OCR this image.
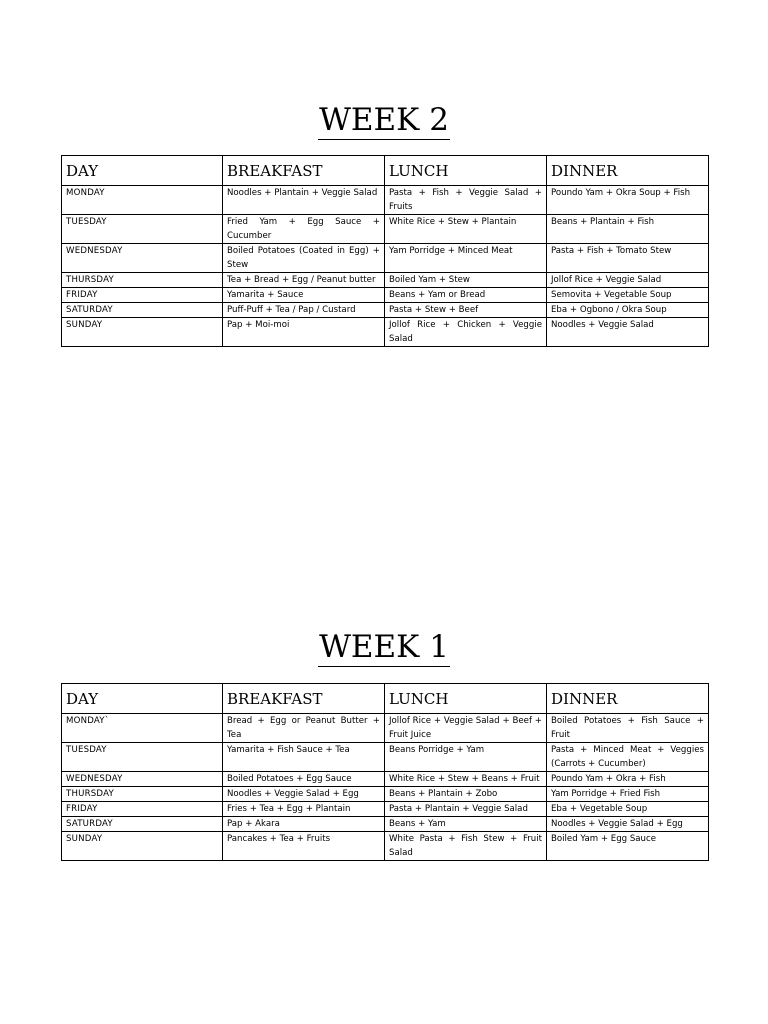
WEEK 2
DAY	BREAKFAST	LUNCH	DINNER
MONDAY	Noodles + Plantain + Veggie Salad	Pasta + Fish + Veggie Salad + Fruits	Poundo Yam + Okra Soup + Fish
TUESDAY	Fried Yam + Egg Sauce + Cucumber	White Rice + Stew + Plantain	Beans + Plantain + Fish
WEDNESDAY	Boiled Potatoes (Coated in Egg) + Stew	Yam Porridge + Minced Meat	Pasta + Fish + Tomato Stew
THURSDAY	Tea + Bread + Egg / Peanut butter	Boiled Yam + Stew	Jollof Rice + Veggie Salad
FRIDAY	Yamarita + Sauce	Beans + Yam or Bread	Semovita + Vegetable Soup
SATURDAY	Puff-Puff + Tea / Pap / Custard	Pasta + Stew + Beef	Eba + Ogbono / Okra Soup
SUNDAY	Pap + Moi-moi	Jollof Rice + Chicken + Veggie Salad	Noodles + Veggie Salad
WEEK 1
DAY	BREAKFAST	LUNCH	DINNER
MONDAY`	Bread + Egg or Peanut Butter + Tea	Jollof Rice + Veggie Salad + Beef + Fruit Juice	Boiled Potatoes + Fish Sauce + Fruit
TUESDAY	Yamarita + Fish Sauce + Tea	Beans Porridge + Yam	Pasta + Minced Meat + Veggies (Carrots + Cucumber)
WEDNESDAY	Boiled Potatoes + Egg Sauce	White Rice + Stew + Beans + Fruit	Poundo Yam + Okra + Fish
THURSDAY	Noodles + Veggie Salad + Egg	Beans + Plantain + Zobo	Yam Porridge + Fried Fish
FRIDAY	Fries + Tea + Egg + Plantain	Pasta + Plantain + Veggie Salad	Eba + Vegetable Soup
SATURDAY	Pap + Akara	Beans + Yam	Noodles + Veggie Salad + Egg
SUNDAY	Pancakes + Tea + Fruits	White Pasta + Fish Stew + Fruit Salad	Boiled Yam + Egg Sauce
